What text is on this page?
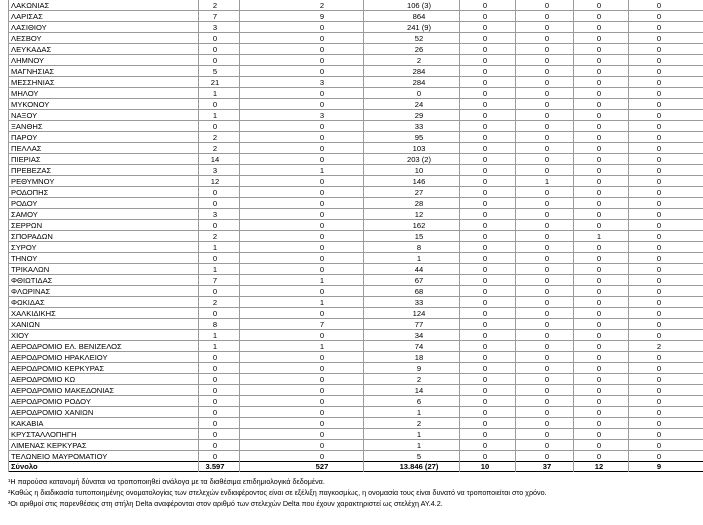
ΛΑΚΩΝΙΑΣ	2	2	106 (3)	0	0	0	0
ΛΑΡΙΣΑΣ	7	9	864	0	0	0	0
ΛΑΣΙΘΙΟΥ	3	0	241 (9)	0	0	0	0
ΛΕΣΒΟΥ	0	0	52	0	0	0	0
ΛΕΥΚΑΔΑΣ	0	0	26	0	0	0	0
ΛΗΜΝΟΥ	0	0	2	0	0	0	0
ΜΑΓΝΗΣΙΑΣ	5	0	284	0	0	0	0
ΜΕΣΣΗΝΙΑΣ	21	3	284	0	0	0	0
ΜΗΛΟΥ	1	0	0	0	0	0	0
ΜΥΚΟΝΟΥ	0	0	24	0	0	0	0
ΝΑΞΟΥ	1	3	29	0	0	0	0
ΞΑΝΘΗΣ	0	0	33	0	0	0	0
ΠΑΡΟΥ	2	0	95	0	0	0	0
ΠΕΛΛΑΣ	2	0	103	0	0	0	0
ΠΙΕΡΙΑΣ	14	0	203 (2)	0	0	0	0
ΠΡΕΒΕΖΑΣ	3	1	10	0	0	0	0
ΡΕΘΥΜΝΟΥ	12	0	146	0	1	0	0
ΡΟΔΟΠΗΣ	0	0	27	0	0	0	0
ΡΟΔΟΥ	0	0	28	0	0	0	0
ΣΑΜΟΥ	3	0	12	0	0	0	0
ΣΕΡΡΩΝ	0	0	162	0	0	0	0
ΣΠΟΡΑΔΩΝ	2	0	15	0	0	1	0
ΣΥΡΟΥ	1	0	8	0	0	0	0
ΤΗΝΟΥ	0	0	1	0	0	0	0
ΤΡΙΚΑΛΩΝ	1	0	44	0	0	0	0
ΦΘΙΩΤΙΔΑΣ	7	1	67	0	0	0	0
ΦΛΩΡΙΝΑΣ	0	0	68	0	0	0	0
ΦΩΚΙΔΑΣ	2	1	33	0	0	0	0
ΧΑΛΚΙΔΙΚΗΣ	0	0	124	0	0	0	0
ΧΑΝΙΩΝ	8	7	77	0	0	0	0
ΧΙΟΥ	1	0	34	0	0	0	0
ΑΕΡΟΔΡΟΜΙΟ ΕΛ. ΒΕΝΙΖΕΛΟΣ	1	1	74	0	0	0	2
ΑΕΡΟΔΡΟΜΙΟ ΗΡΑΚΛΕΙΟΥ	0	0	18	0	0	0	0
ΑΕΡΟΔΡΟΜΙΟ ΚΕΡΚΥΡΑΣ	0	0	9	0	0	0	0
ΑΕΡΟΔΡΟΜΙΟ ΚΩ	0	0	2	0	0	0	0
ΑΕΡΟΔΡΟΜΙΟ ΜΑΚΕΔΟΝΙΑΣ	0	0	14	0	0	0	0
ΑΕΡΟΔΡΟΜΙΟ ΡΟΔΟΥ	0	0	6	0	0	0	0
ΑΕΡΟΔΡΟΜΙΟ ΧΑΝΙΩΝ	0	0	1	0	0	0	0
ΚΑΚΑΒΙΑ	0	0	2	0	0	0	0
ΚΡΥΣΤΑΛΛΟΠΗΓΗ	0	0	1	0	0	0	0
ΛΙΜΕΝΑΣ ΚΕΡΚΥΡΑΣ	0	0	1	0	0	0	0
ΤΕΛΩΝΕΙΟ ΜΑΥΡΟΜΑΤΙΟΥ	0	0	5	0	0	0	0
Σύνολο	3.597	527	13.846 (27)	10	37	12	9
¹Η παρούσα κατανομή δύναται να τροποποιηθεί ανάλογα με τα διαθέσιμα επιδημιολογικά δεδομένα.
²Καθώς η διαδικασία τυποποιημένης ονοματολογίας των στελεχών ενδιαφέροντος είναι σε εξέλιξη παγκοσμίως, η ονομασία τους είναι δυνατό να τροποποιείται στο χρόνο.
³Οι αριθμοί στις παρενθέσεις στη στήλη Delta αναφέρονται στον αριθμό των στελεχών Delta που έχουν χαρακτηριστεί ως στελέχη ΑΥ.4.2.
